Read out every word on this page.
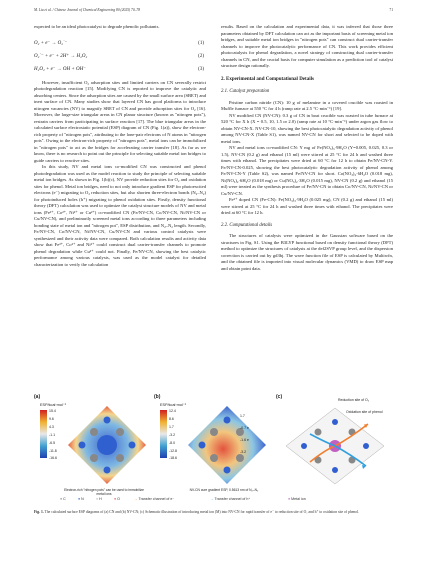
M. Liu et al. / Chinese Journal of Chemical Engineering 80 (2025) 70–78	71

expected to be an ideal photocatalyst to degrade phenolic pollutants.

O₂ + e⁻ → O₂˙⁻	(1)
O₂˙⁻ + e⁻ + 2H⁺ → H₂O₂	(2)
H₂O₂ + e⁻ → OH + OH⁻	(3)

However, insufficient O₂ adsorption sites and limited carriers on CN severally restrict photodegradation reaction [15]. Modifying CN is reported to improve the catalytic and absorbing centers. Since the adsorption sites are caused by the small surface area (SBET) and inert surface of CN. Many studies show that layered CN has good platforms to introduce nitrogen vacancies (NV) to magnify SBET of CN and provide adsorption sites for O₂ [16]. Moreover, the large-size triangular areas in CN planar structure (known as "nitrogen pots"), restrain carriers from participating in surface reaction [17]. The blue triangular areas in the calculated surface electrostatic potential (ESP) diagram of CN (Fig. 1(a)), show the electron-rich property of "nitrogen pots", attributing to the lone-pair electrons of N atoms in "nitrogen pots". Owing to the electron-rich property of "nitrogen pots", metal ions can be immobilized in "nitrogen pots" to act as the bridges for accelerating carrier transfer [18]. As far as we know, there is no research to point out the principle for selecting suitable metal ion bridges to guide carriers to reactive sites.

In this study, NV and metal ions co-modified CN was constructed and phenol photodegradation was used as the model reaction to study the principle of selecting suitable metal ion bridges. As shown in Fig. 1(b)(c), NV provide reduction sites for O₂ and oxidation sites for phenol. Metal ion bridges, need to not only introduce gradient ESP for photoexcited electrons (e⁻) migrating to O₂ reduction sites, but also shorten three-electron bonds (N₂–N₂) for photoinduced holes (h⁺) migrating to phenol oxidation sites. Firstly, density functional theory (DFT) calculation was used to optimize the catalyst structure models of NV and metal ions (Fe³⁺, Co²⁺, Ni²⁺ or Cu²⁺) co-modified CN (Fe/NV-CN, Co/NV-CN, Ni/NV-CN or Cu/NV-CN), and preliminarily screened metal ions according to three parameters including bonding state of metal ion and "nitrogen pot", ESP distribution, and N₂–N₂ length. Secondly, Fe/NV-CN, Co/NV-CN, Ni/NV-CN, Cu/NV-CN and various control catalysts were synthesized and their activity data were compared. Both calculation results and activity data show that Fe³⁺, Co²⁺ and Ni²⁺ could construct dual carrier-transfer channels to promote phenol degradation while Cu²⁺ could not. Finally, Fe/NV-CN, showing the best catalytic performance among various catalysts, was used as the model catalyst for detailed characterization to verify the calculation

results. Based on the calculation and experimental data, it was inferred that those three parameters obtained by DFT calculation can act as the important basis of screening metal ion bridges, and suitable metal ion bridges in "nitrogen pots" can construct dual carrier-transfer channels to improve the photocatalytic performance of CN. This work provides efficient photocatalysts for phenol degradation, a novel strategy of constructing dual carrier-transfer channels in CN, and the crucial basis for computer simulation as a prediction tool of catalyst structure design rationally.

2. Experimental and Computational Details
2.1. Catalyst preparation

Pristine carbon nitride (CN): 10 g of melamine in a covered crucible was roasted in Muffle furnace at 550 °C for 4 h (ramp rate at 2.5 °C·min⁻¹) [19].

NV modified CN (NV-CN): 0.3 g of CN in boat crucible was roasted in tube furnace at 520 °C for X h (X = 0.5, 10, 1.5 or 2.0) (ramp rate at 10 °C·min⁻¹) under argon gas flow to obtain NV-CN-X. NV-CN-10, showing the best photocatalytic degradation activity of phenol among NV-CN-X (Table S1), was named NV-CN for short and selected to be doped with metal ions.

NV and metal ions co-modified CN: Y mg of Fe(NO₃)₃·9H₂O (Y=0.005, 0.025, 0.3 or 1.5), NV-CN (0.2 g) and ethanol (15 ml) were stirred at 25 °C for 24 h and washed three times with ethanol. The precipitates were dried at 60 °C for 12 h to obtain Fe/NV-CN-Y. Fe/NV-CN-0.025, showing the best photocatalytic degradation activity of phenol among Fe/NV-CN-Y (Table S2), was named Fe/NV-CN for short. Co(NO₃)₂·6H₂O (0.018 mg), Ni(NO₃)₂·6H₂O (0.018 mg) or Cu(NO₃)₂·3H₂O (0.015 mg), NV-CN (0.2 g) and ethanol (15 ml) were treated as the synthesis procedure of Fe/NV-CN to obtain Co/NV-CN, Ni/NV-CN or Cu/NV-CN.

Fe³⁺ doped CN (Fe-CN): Fe(NO₃)₃·9H₂O (0.025 mg), CN (0.2 g) and ethanol (15 ml) were stirred at 25 °C for 24 h and washed three times with ethanol. The precipitates were dried at 60 °C for 12 h.

2.2. Computational details

The structures of catalysts were optimized in the Gaussian software based on the structures in Fig. S1. Using the B3LYP functional based on density functional theory (DFT) method to optimize the structures of catalysts at the def2SVP group level, and the dispersion correction is carried out by gd3bj. The wave function file of ESP is calculated by Multiwfn, and the obtained file is imported into visual molecular dynamics (VMD) to draw ESP map and obtain point data.

(a)
ESP/kcal·mol⁻¹
15.4
9.6
4.3
-1.1
-6.5
-11.8
-16.6
Electron-rich "nitrogen pots" can be used to immobilize metal ions
(b)
ESP/kcal·mol⁻¹
12.4
8.6
1.7
-3.2
-8.0
-12.8
-18.6
1.7
-0.7 e
-1.6 e
-3.2
NV-CN cure gradient ESP, 0.5613 nm of N₂–N₂
(c)	Reduction site of O₂
Oxidation site of phenol
● C	● N	● H	● O	→ Transfer channel of e⁻	→ Transfer channel of h⁺	● Metal ion
Fig. 1. The calculated surface ESP diagrams of (a) CN and (b) NV-CN; (c) Schematic illustration of introducing metal ion (M) into NV-CN for rapid transfer of e⁻ to reduction site of O₂ and h⁺ to oxidation site of phenol.
